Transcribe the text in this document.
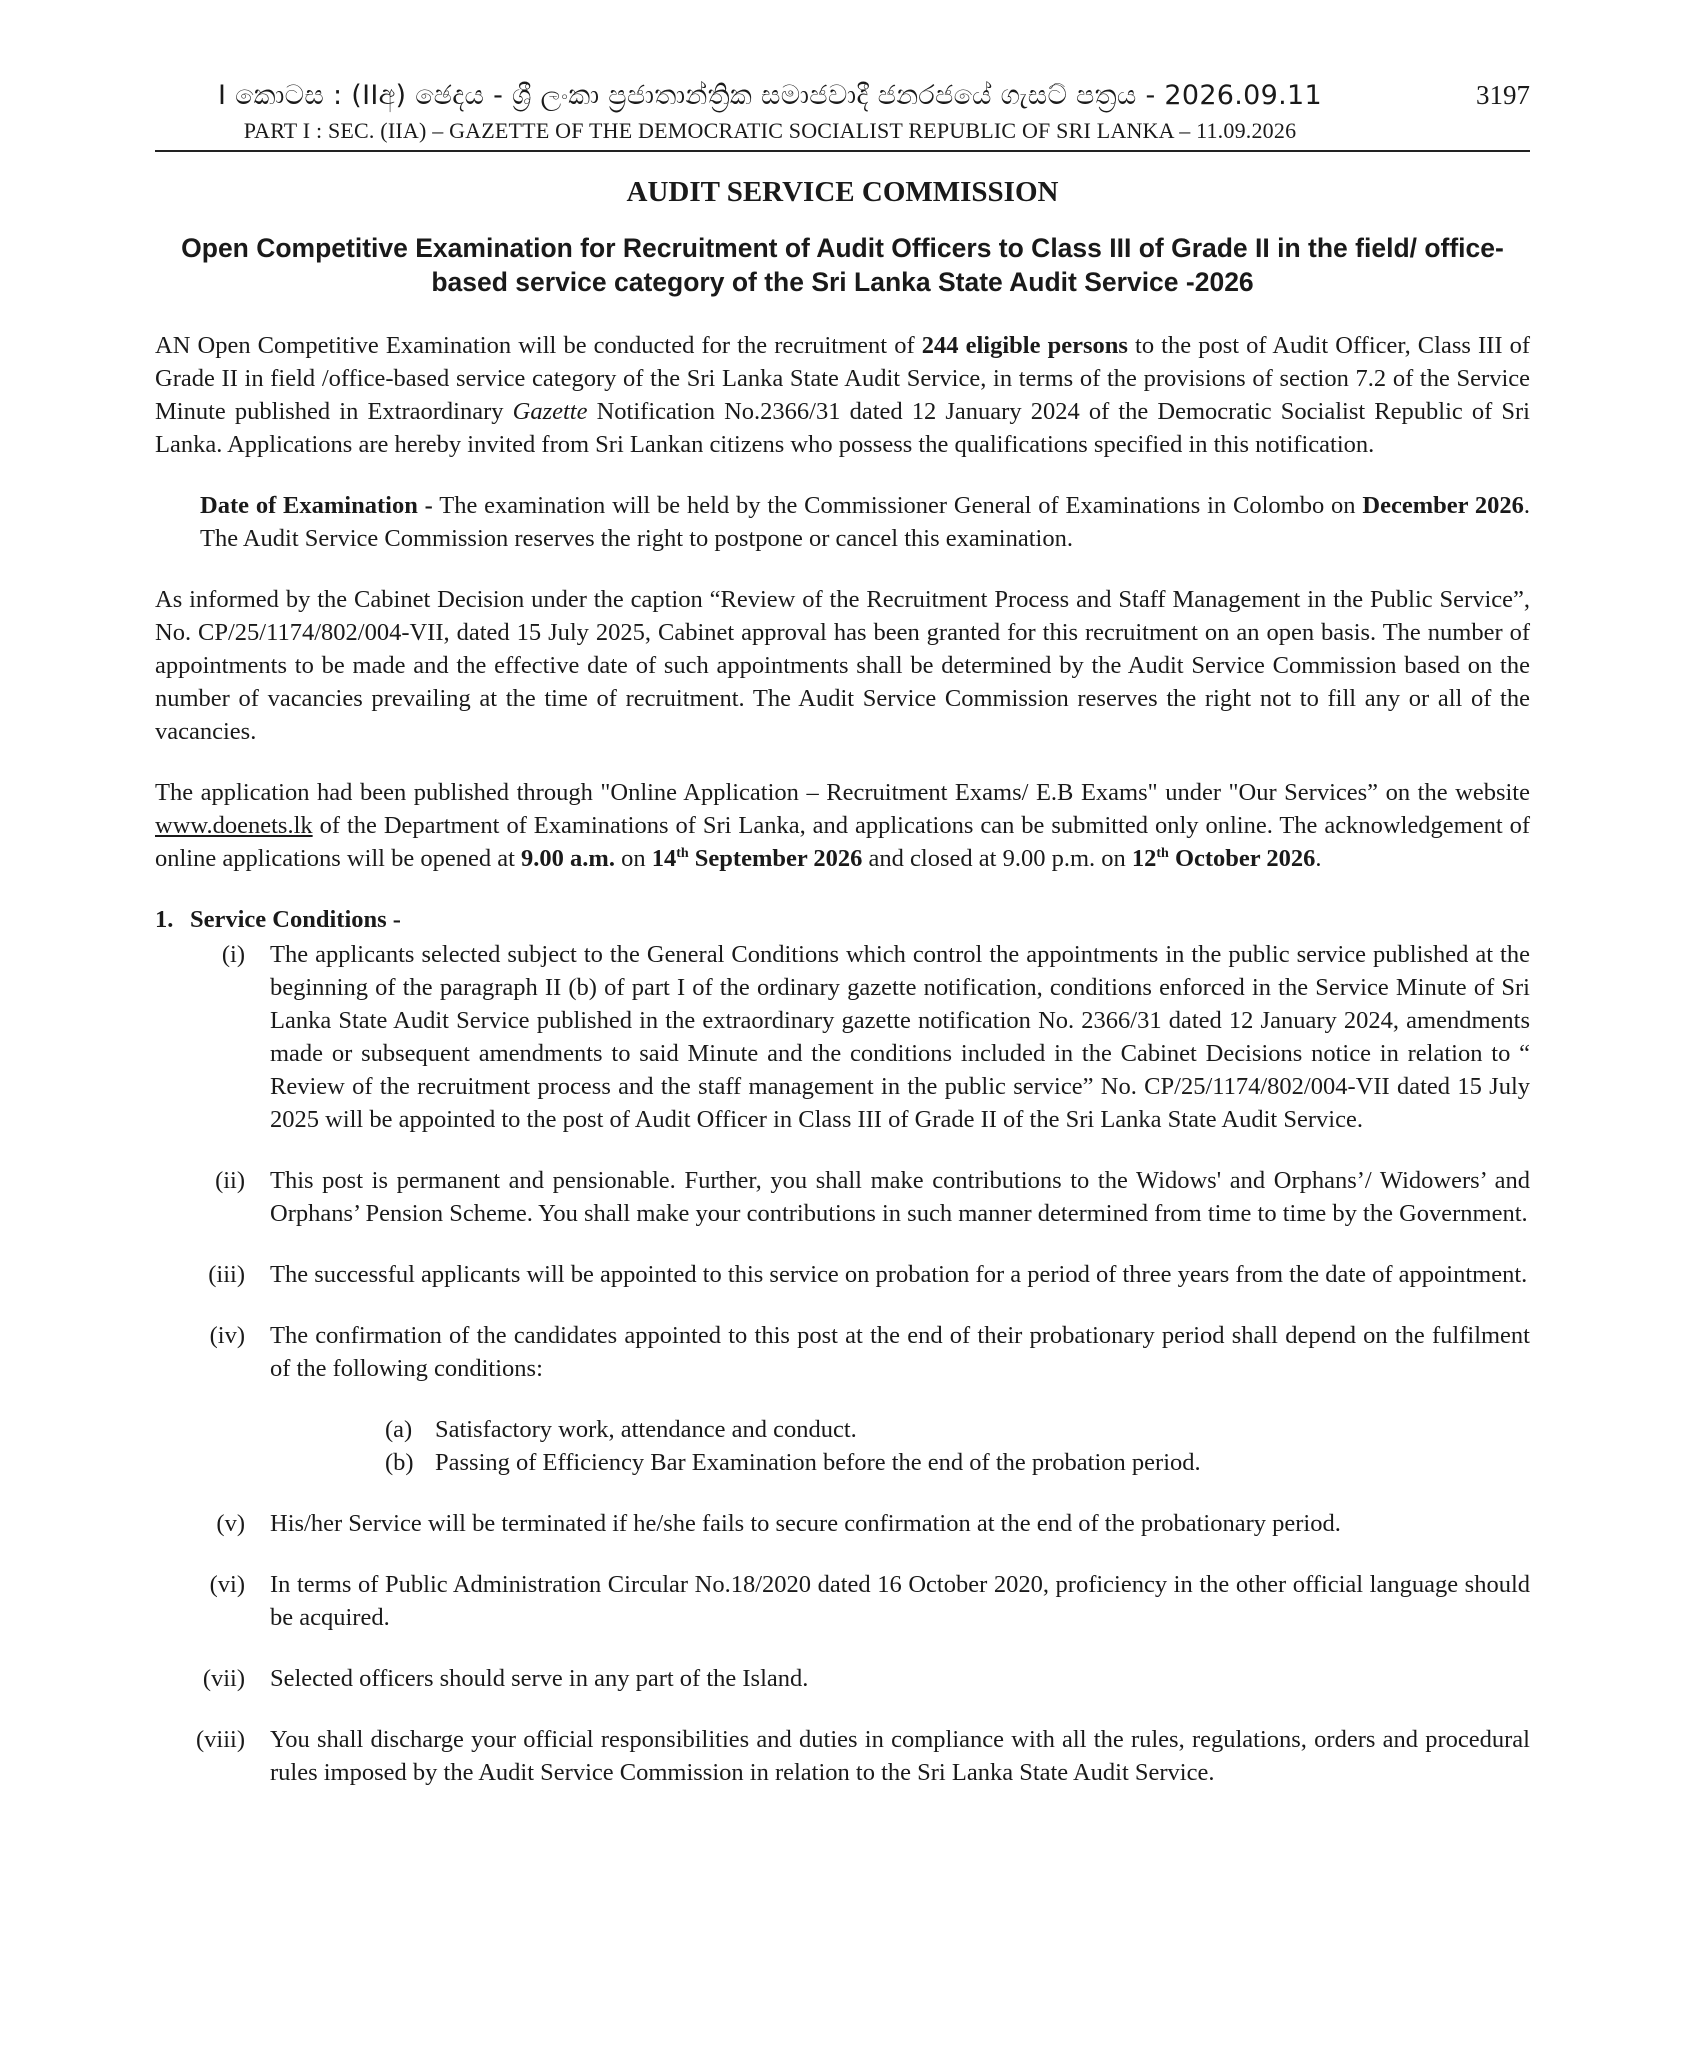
I කොටස : (IIඅ) ඡෙදය - ශ්‍රී ලංකා ප්‍රජාතාන්ත්‍රික සමාජවාදී ජනරජයේ ගැසට් පත්‍රය - 2026.09.11	3197
PART I : SEC. (IIA) – GAZETTE OF THE DEMOCRATIC SOCIALIST REPUBLIC OF SRI LANKA – 11.09.2026
AUDIT SERVICE COMMISSION
Open Competitive Examination for Recruitment of Audit Officers to Class III of Grade II in the field/ office-based service category of the Sri Lanka State Audit Service -2026

AN Open Competitive Examination will be conducted for the recruitment of 244 eligible persons to the post of Audit Officer, Class III of Grade II in field /office-based service category of the Sri Lanka State Audit Service, in terms of the provisions of section 7.2 of the Service Minute published in Extraordinary Gazette Notification No.2366/31 dated 12 January 2024 of the Democratic Socialist Republic of Sri Lanka. Applications are hereby invited from Sri Lankan citizens who possess the qualifications specified in this notification.

Date of Examination - The examination will be held by the Commissioner General of Examinations in Colombo on December 2026. The Audit Service Commission reserves the right to postpone or cancel this examination.

As informed by the Cabinet Decision under the caption “Review of the Recruitment Process and Staff Management in the Public Service”, No. CP/25/1174/802/004-VII, dated 15 July 2025, Cabinet approval has been granted for this recruitment on an open basis. The number of appointments to be made and the effective date of such appointments shall be determined by the Audit Service Commission based on the number of vacancies prevailing at the time of recruitment. The Audit Service Commission reserves the right not to fill any or all of the vacancies.

The application had been published through "Online Application – Recruitment Exams/ E.B Exams" under "Our Services” on the website www.doenets.lk of the Department of Examinations of Sri Lanka, and applications can be submitted only online. The acknowledgement of online applications will be opened at 9.00 a.m. on 14th September 2026 and closed at 9.00 p.m. on 12th October 2026.

1. Service Conditions -
(i) The applicants selected subject to the General Conditions which control the appointments in the public service published at the beginning of the paragraph II (b) of part I of the ordinary gazette notification, conditions enforced in the Service Minute of Sri Lanka State Audit Service published in the extraordinary gazette notification No. 2366/31 dated 12 January 2024, amendments made or subsequent amendments to said Minute and the conditions included in the Cabinet Decisions notice in relation to “ Review of the recruitment process and the staff management in the public service” No. CP/25/1174/802/004-VII dated 15 July 2025 will be appointed to the post of Audit Officer in Class III of Grade II of the Sri Lanka State Audit Service.
(ii) This post is permanent and pensionable. Further, you shall make contributions to the Widows' and Orphans’/ Widowers’ and Orphans’ Pension Scheme. You shall make your contributions in such manner determined from time to time by the Government.
(iii) The successful applicants will be appointed to this service on probation for a period of three years from the date of appointment.
(iv) The confirmation of the candidates appointed to this post at the end of their probationary period shall depend on the fulfilment of the following conditions:
(a) Satisfactory work, attendance and conduct.
(b) Passing of Efficiency Bar Examination before the end of the probation period.
(v) His/her Service will be terminated if he/she fails to secure confirmation at the end of the probationary period.
(vi) In terms of Public Administration Circular No.18/2020 dated 16 October 2020, proficiency in the other official language should be acquired.
(vii) Selected officers should serve in any part of the Island.
(viii) You shall discharge your official responsibilities and duties in compliance with all the rules, regulations, orders and procedural rules imposed by the Audit Service Commission in relation to the Sri Lanka State Audit Service.
